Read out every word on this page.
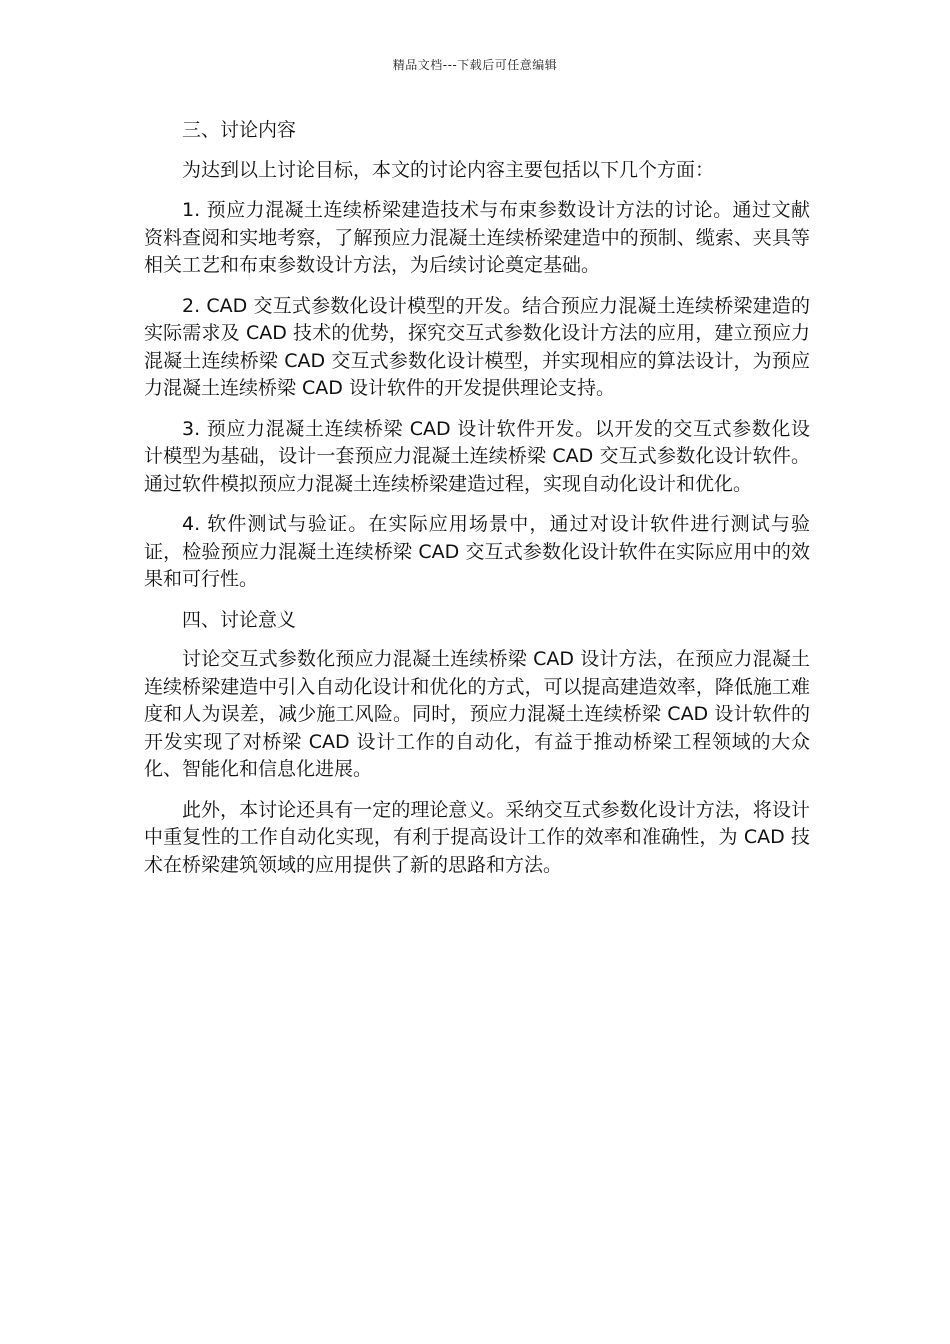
精品文档---下载后可任意编辑

三、讨论内容

为达到以上讨论目标，本文的讨论内容主要包括以下几个方面：

1. 预应力混凝土连续桥梁建造技术与布束参数设计方法的讨论。通过文献资料查阅和实地考察，了解预应力混凝土连续桥梁建造中的预制、缆索、夹具等相关工艺和布束参数设计方法，为后续讨论奠定基础。

2. CAD 交互式参数化设计模型的开发。结合预应力混凝土连续桥梁建造的实际需求及 CAD 技术的优势，探究交互式参数化设计方法的应用，建立预应力混凝土连续桥梁 CAD 交互式参数化设计模型，并实现相应的算法设计，为预应力混凝土连续桥梁 CAD 设计软件的开发提供理论支持。

3. 预应力混凝土连续桥梁 CAD 设计软件开发。以开发的交互式参数化设计模型为基础，设计一套预应力混凝土连续桥梁 CAD 交互式参数化设计软件。通过软件模拟预应力混凝土连续桥梁建造过程，实现自动化设计和优化。

4. 软件测试与验证。在实际应用场景中，通过对设计软件进行测试与验证，检验预应力混凝土连续桥梁 CAD 交互式参数化设计软件在实际应用中的效果和可行性。

四、讨论意义

讨论交互式参数化预应力混凝土连续桥梁 CAD 设计方法，在预应力混凝土连续桥梁建造中引入自动化设计和优化的方式，可以提高建造效率，降低施工难度和人为误差，减少施工风险。同时，预应力混凝土连续桥梁 CAD 设计软件的开发实现了对桥梁 CAD 设计工作的自动化，有益于推动桥梁工程领域的大众化、智能化和信息化进展。

此外，本讨论还具有一定的理论意义。采纳交互式参数化设计方法，将设计中重复性的工作自动化实现，有利于提高设计工作的效率和准确性，为 CAD 技术在桥梁建筑领域的应用提供了新的思路和方法。
